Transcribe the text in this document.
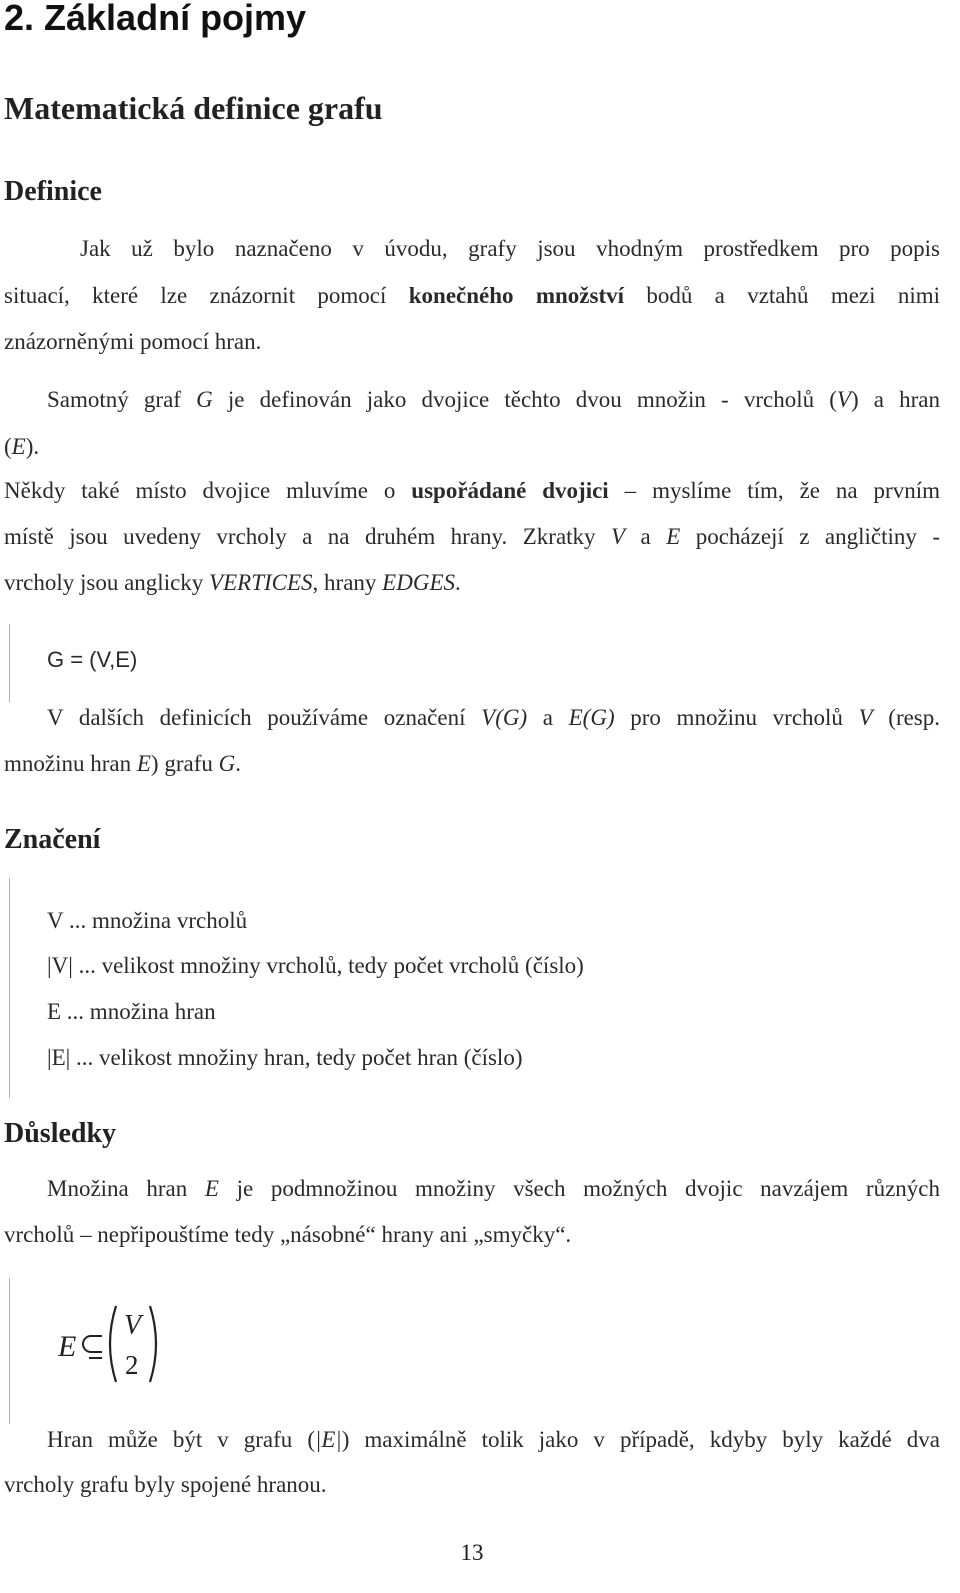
2. Základní pojmy
Matematická definice grafu
Definice

Jak už bylo naznačeno v úvodu, grafy jsou vhodným prostředkem pro popis

situací, které lze znázornit pomocí konečného množství bodů a vztahů mezi nimi

znázorněnými pomocí hran.

Samotný graf G je definován jako dvojice těchto dvou množin - vrcholů (V) a hran

(E).

Někdy také místo dvojice mluvíme o uspořádané dvojici – myslíme tím, že na prvním

místě jsou uvedeny vrcholy a na druhém hrany. Zkratky V a E pocházejí z angličtiny -

vrcholy jsou anglicky VERTICES, hrany EDGES.

G = (V,E)

V dalších definicích používáme označení V(G) a E(G) pro množinu vrcholů V (resp.

množinu hran E) grafu G.

Značení

V ... množina vrcholů

|V| ... velikost množiny vrcholů, tedy počet vrcholů (číslo)

E ... množina hran

|E| ... velikost množiny hran, tedy počet hran (číslo)

Důsledky

Množina hran E je podmnožinou množiny všech možných dvojic navzájem různých

vrcholů – nepřipouštíme tedy „násobné“ hrany ani „smyčky“.

E
V
2

Hran může být v grafu (|E|) maximálně tolik jako v případě, kdyby byly každé dva

vrcholy grafu byly spojené hranou.

13
